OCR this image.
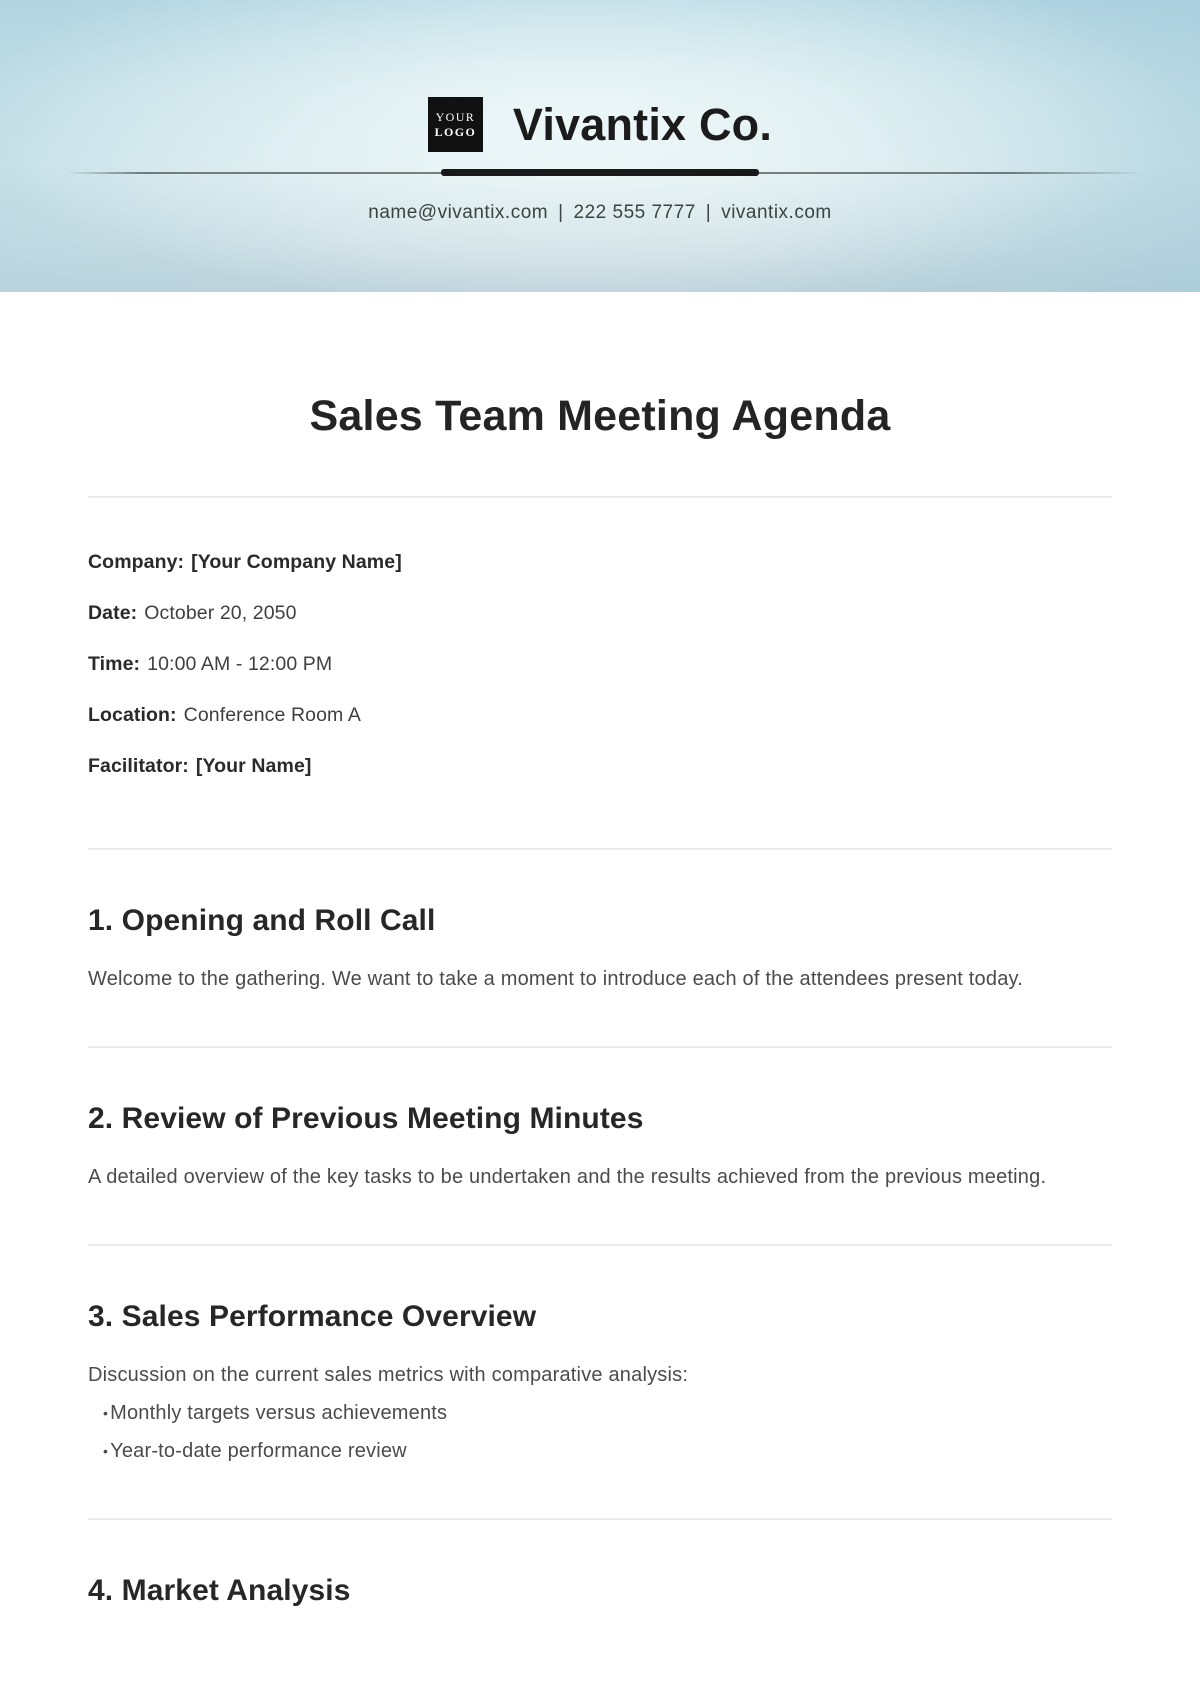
YOUR
LOGO Vivantix Co.
name@vivantix.com | 222 555 7777 | vivantix.com
Sales Team Meeting Agenda

Company: [Your Company Name]

Date: October 20, 2050

Time: 10:00 AM - 12:00 PM

Location: Conference Room A

Facilitator: [Your Name]

1. Opening and Roll Call

Welcome to the gathering. We want to take a moment to introduce each of the attendees present today.

2. Review of Previous Meeting Minutes

A detailed overview of the key tasks to be undertaken and the results achieved from the previous meeting.

3. Sales Performance Overview

Discussion on the current sales metrics with comparative analysis:

• Monthly targets versus achievements
• Year-to-date performance review
4. Market Analysis
